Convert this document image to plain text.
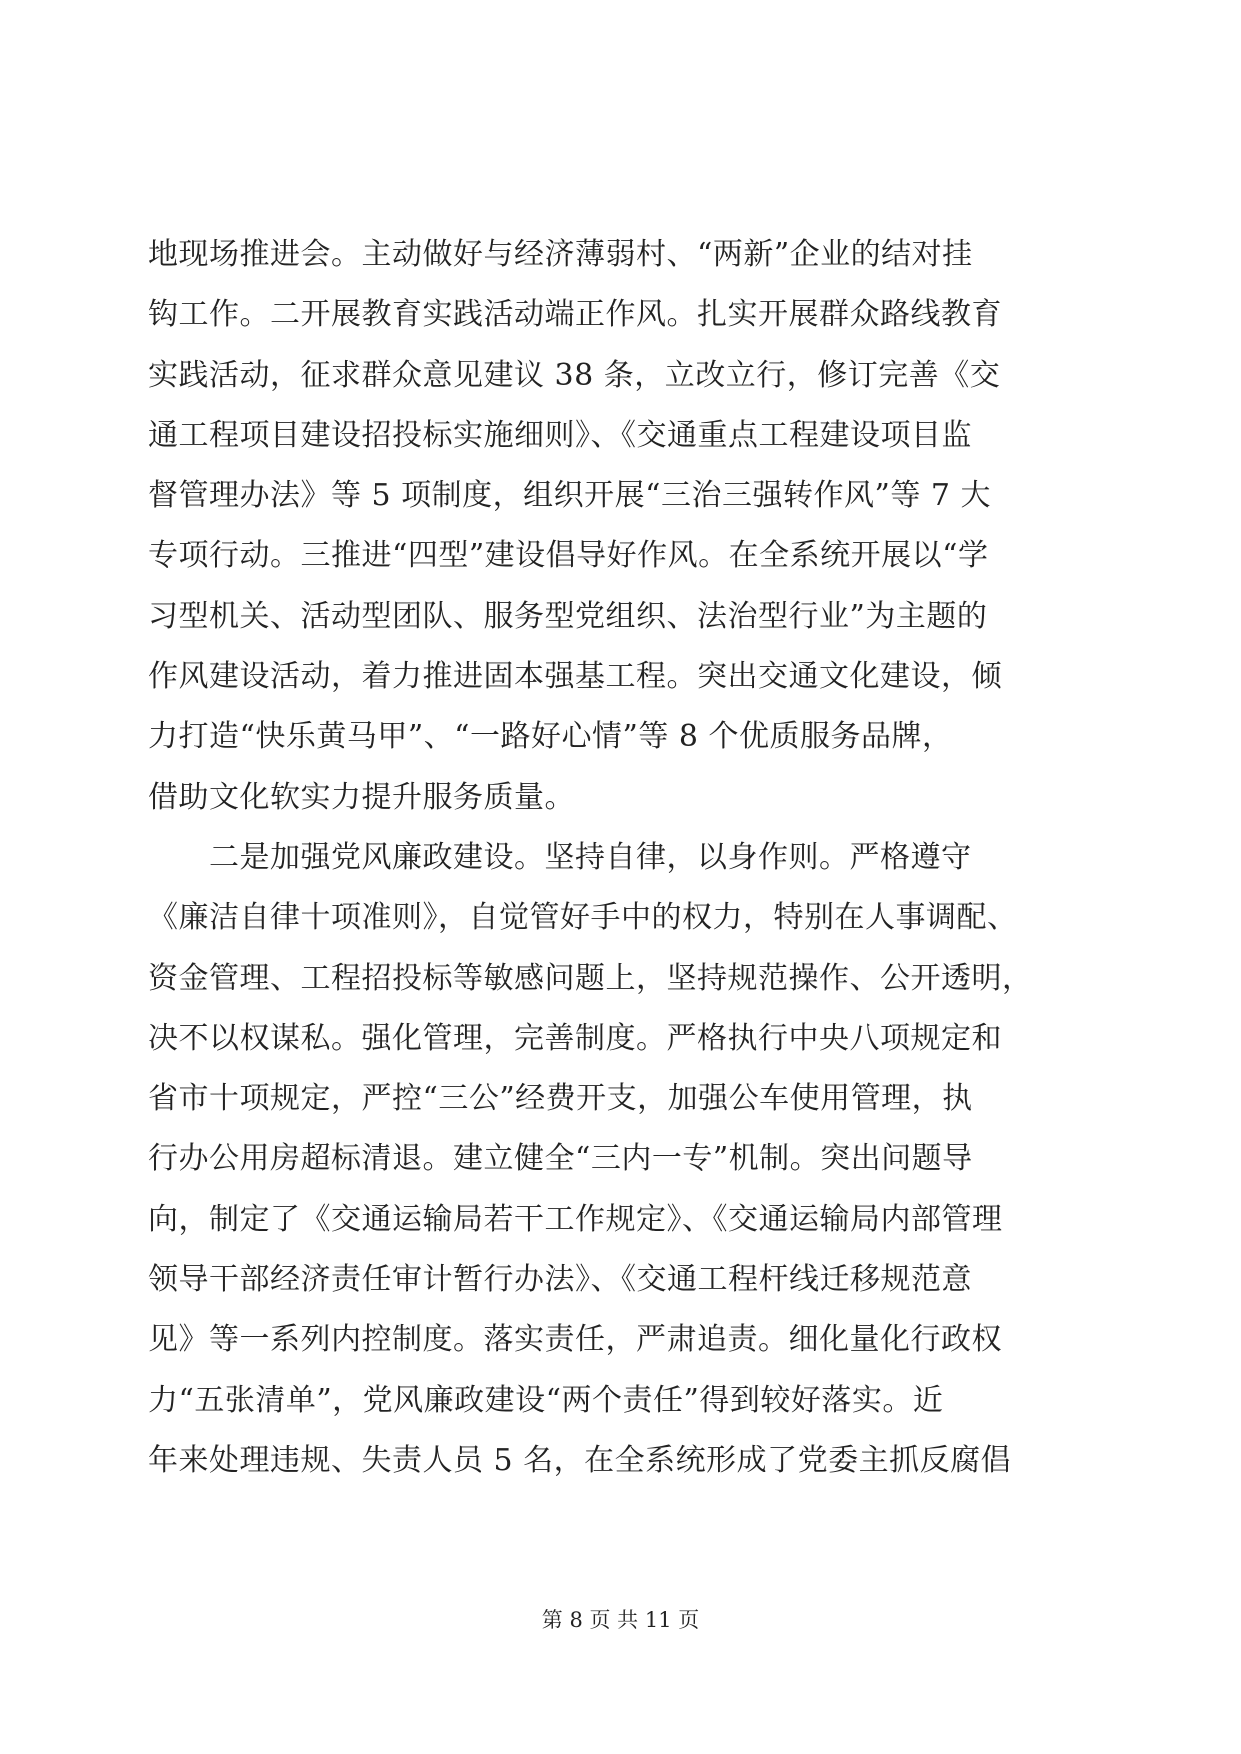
地现场推进会。主动做好与经济薄弱村、“两新”企业的结对挂
钩工作。二开展教育实践活动端正作风。扎实开展群众路线教育
实践活动，征求群众意见建议 38 条，立改立行，修订完善《交
通工程项目建设招投标实施细则》、《交通重点工程建设项目监
督管理办法》等 5 项制度，组织开展“三治三强转作风”等 7 大
专项行动。三推进“四型”建设倡导好作风。在全系统开展以“学
习型机关、活动型团队、服务型党组织、法治型行业”为主题的
作风建设活动，着力推进固本强基工程。突出交通文化建设，倾
力打造“快乐黄马甲”、“一路好心情”等 8 个优质服务品牌，
借助文化软实力提升服务质量。
　　二是加强党风廉政建设。坚持自律，以身作则。严格遵守
《廉洁自律十项准则》，自觉管好手中的权力，特别在人事调配、
资金管理、工程招投标等敏感问题上，坚持规范操作、公开透明，
决不以权谋私。强化管理，完善制度。严格执行中央八项规定和
省市十项规定，严控“三公”经费开支，加强公车使用管理，执
行办公用房超标清退。建立健全“三内一专”机制。突出问题导
向，制定了《交通运输局若干工作规定》、《交通运输局内部管理
领导干部经济责任审计暂行办法》、《交通工程杆线迁移规范意
见》等一系列内控制度。落实责任，严肃追责。细化量化行政权
力“五张清单”，党风廉政建设“两个责任”得到较好落实。近
年来处理违规、失责人员 5 名，在全系统形成了党委主抓反腐倡
第 8 页 共 11 页
